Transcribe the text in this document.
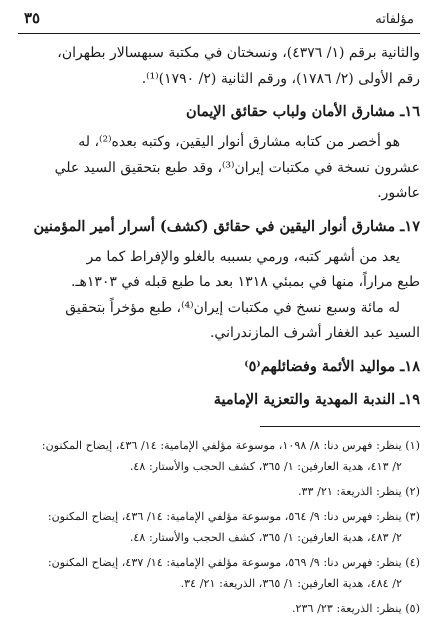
مؤلفاته
٣٥

والثانية برقم (١/ ٤٣٧٦)، ونسختان في مكتبة سبهسالار بطهران،
رقم الأولى (٢/ ١٧٨٦)، ورقم الثانية (٢/ ١٧٩٠)⁽¹⁾.

١٦ـ مشارق الأمان ولباب حقائق الإيمان

هو أخصر من كتابه مشارق أنوار اليقين، وكتبه بعده⁽²⁾، له

عشرون نسخة في مكتبات إيران⁽³⁾، وقد طبع بتحقيق السيد علي
عاشور.

١٧ـ مشارق أنوار اليقين في حقائق (كشف) أسرار أمير المؤمنين

يعد من أشهر كتبه، ورمي بسببه بالغلو والإفراط كما مر

طبع مراراً، منها في بمبئي ١٣١٨ بعد ما طبع قبله في ١٣٠٣هـ.

له مائة وسبع نسخ في مكتبات إيران⁽⁴⁾، طبع مؤخراً بتحقيق

السيد عبد الغفار أشرف المازندراني.

١٨ـ مواليد الأئمة وفضائلهم⁽٥⁾

١٩ـ الندبة المهدية والتعزية الإمامية

(١) ينظر: فهرس دنا: ٨/ ١٠٩٨، موسوعة مؤلفي الإمامية: ١٤/ ٤٣٦، إيضاح المكنون:
٢/ ٤١٣، هدية العارفين: ١/ ٣٦٥، كشف الحجب والأستار: ٤٨.
(٢) ينظر: الذريعة: ٢١/ ٣٣.
(٣) ينظر: فهرس دنا: ٩/ ٥٦٤، موسوعة مؤلفي الإمامية: ١٤/ ٤٣٦، إيضاح المكنون:
٢/ ٤٨٣، هدية العارفين: ١/ ٣٦٥، كشف الحجب والأستار: ٤٨.
(٤) ينظر: فهرس دنا: ٩/ ٥٦٩، موسوعة مؤلفي الإمامية: ١٤/ ٤٣٧، إيضاح المكنون:
٢/ ٤٨٤، هدية العارفين: ١/ ٣٦٥، الذريعة: ٢١/ ٣٤.
(٥) ينظر: الذريعة: ٢٣/ ٢٣٦.
